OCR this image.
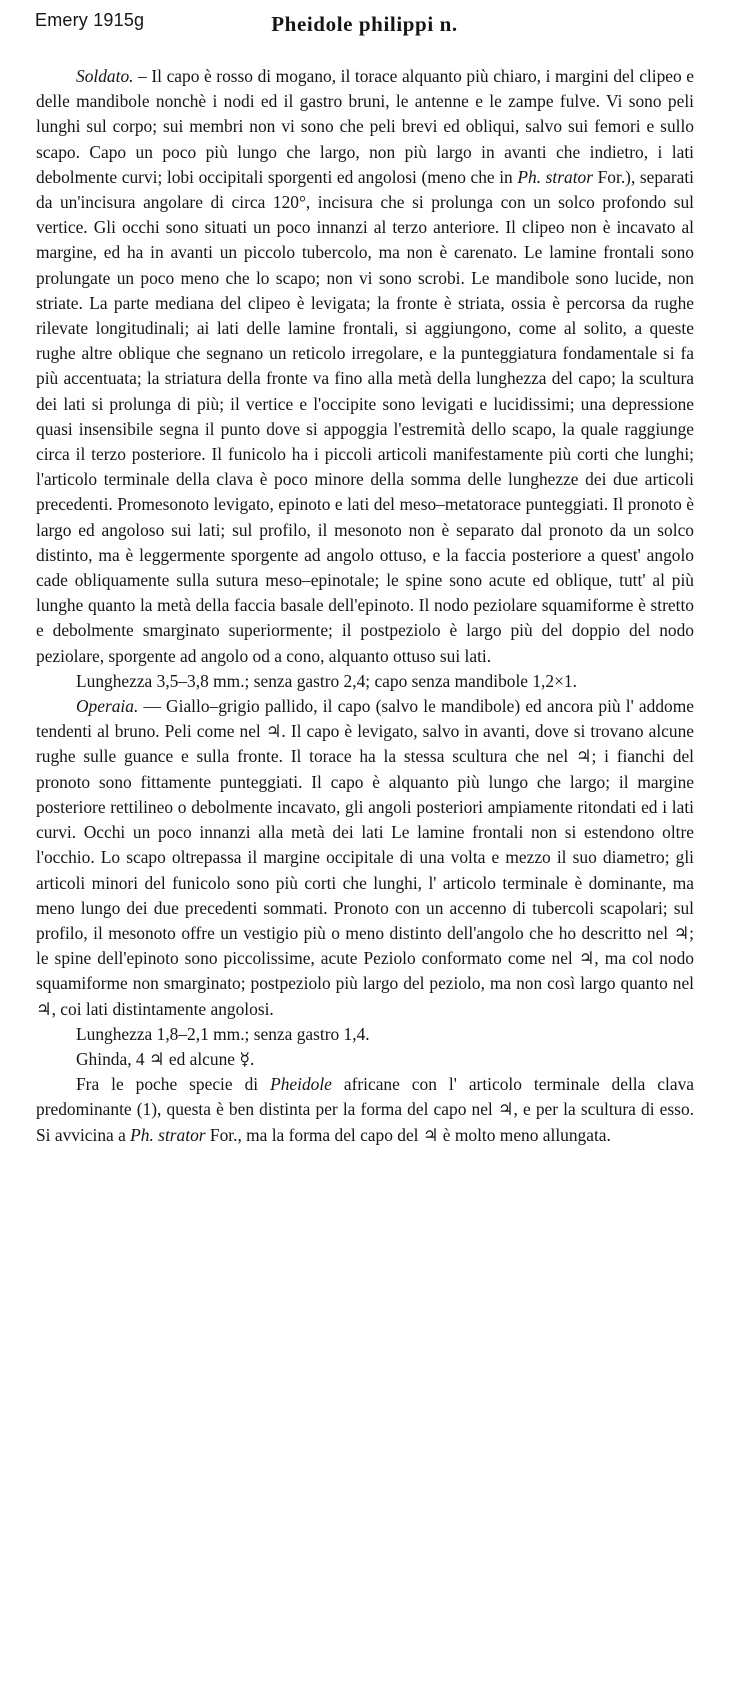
Emery 1915g	Pheidole philippi n.

Soldato. – Il capo è rosso di mogano, il torace alquanto più chiaro, i margini del clipeo e delle mandibole nonchè i nodi ed il gastro bruni, le antenne e le zampe fulve. Vi sono peli lunghi sul corpo; sui membri non vi sono che peli brevi ed obliqui, salvo sui femori e sullo scapo. Capo un poco più lungo che largo, non più largo in avanti che indietro, i lati debolmente curvi; lobi occipitali sporgenti ed angolosi (meno che in Ph. strator For.), separati da un'incisura angolare di circa 120°, incisura che si prolunga con un solco profondo sul vertice. Gli occhi sono situati un poco innanzi al terzo anteriore. Il clipeo non è incavato al margine, ed ha in avanti un piccolo tubercolo, ma non è carenato. Le lamine frontali sono prolungate un poco meno che lo scapo; non vi sono scrobi. Le mandibole sono lucide, non striate. La parte mediana del clipeo è levigata; la fronte è striata, ossia è percorsa da rughe rilevate longitudinali; ai lati delle lamine frontali, si aggiungono, come al solito, a queste rughe altre oblique che segnano un reticolo irregolare, e la punteggiatura fondamentale si fa più accentuata; la striatura della fronte va fino alla metà della lunghezza del capo; la scultura dei lati si prolunga di più; il vertice e l'occipite sono levigati e lucidissimi; una depressione quasi insensibile segna il punto dove si appoggia l'estremità dello scapo, la quale raggiunge circa il terzo posteriore. Il funicolo ha i piccoli articoli manifestamente più corti che lunghi; l'articolo terminale della clava è poco minore della somma delle lunghezze dei due articoli precedenti. Promesonoto levigato, epinoto e lati del meso–metatorace punteggiati. Il pronoto è largo ed angoloso sui lati; sul profilo, il mesonoto non è separato dal pronoto da un solco distinto, ma è leggermente sporgente ad angolo ottuso, e la faccia posteriore a quest' angolo cade obliquamente sulla sutura meso–epinotale; le spine sono acute ed oblique, tutt' al più lunghe quanto la metà della faccia basale dell'epinoto. Il nodo peziolare squamiforme è stretto e debolmente smarginato superiormente; il postpeziolo è largo più del doppio del nodo peziolare, sporgente ad angolo od a cono, alquanto ottuso sui lati.

Lunghezza 3,5–3,8 mm.; senza gastro 2,4; capo senza mandibole 1,2×1.

Operaia. — Giallo–grigio pallido, il capo (salvo le mandibole) ed ancora più l' addome tendenti al bruno. Peli come nel ♃. Il capo è levigato, salvo in avanti, dove si trovano alcune rughe sulle guance e sulla fronte. Il torace ha la stessa scultura che nel ♃; i fianchi del pronoto sono fittamente punteggiati. Il capo è alquanto più lungo che largo; il margine posteriore rettilineo o debolmente incavato, gli angoli posteriori ampiamente ritondati ed i lati curvi. Occhi un poco innanzi alla metà dei lati Le lamine frontali non si estendono oltre l'occhio. Lo scapo oltrepassa il margine occipitale di una volta e mezzo il suo diametro; gli articoli minori del funicolo sono più corti che lunghi, l' articolo terminale è dominante, ma meno lungo dei due precedenti sommati. Pronoto con un accenno di tubercoli scapolari; sul profilo, il mesonoto offre un vestigio più o meno distinto dell'angolo che ho descritto nel ♃; le spine dell'epinoto sono piccolissime, acute Peziolo conformato come nel ♃, ma col nodo squamiforme non smarginato; postpeziolo più largo del peziolo, ma non così largo quanto nel ♃, coi lati distintamente angolosi.

Lunghezza 1,8–2,1 mm.; senza gastro 1,4.

Ghinda, 4 ♃ ed alcune ☿.

Fra le poche specie di Pheidole africane con l' articolo terminale della clava predominante (1), questa è ben distinta per la forma del capo nel ♃, e per la scultura di esso. Si avvicina a Ph. strator For., ma la forma del capo del ♃ è molto meno allungata.
